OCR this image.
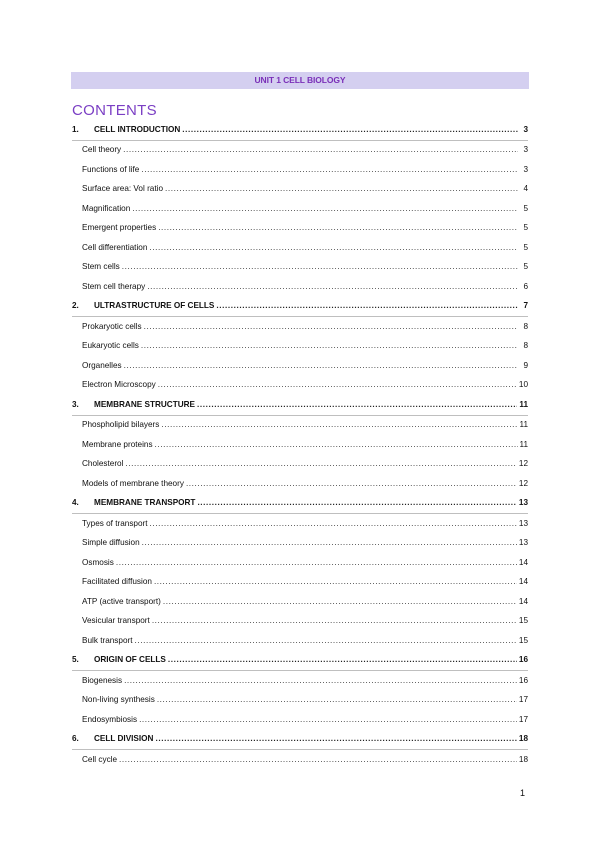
UNIT 1 CELL BIOLOGY
CONTENTS
1.	CELL INTRODUCTION .....	3
Cell theory .....	3
Functions of life .....	3
Surface area: Vol ratio .....	4
Magnification .....	5
Emergent properties .....	5
Cell differentiation .....	5
Stem cells .....	5
Stem cell therapy .....	6
2.	ULTRASTRUCTURE OF CELLS .....	7
Prokaryotic cells .....	8
Eukaryotic cells .....	8
Organelles .....	9
Electron Microscopy .....	10
3.	MEMBRANE STRUCTURE .....	11
Phospholipid bilayers .....	11
Membrane proteins .....	11
Cholesterol .....	12
Models of membrane theory .....	12
4.	MEMBRANE TRANSPORT .....	13
Types of transport .....	13
Simple diffusion .....	13
Osmosis .....	14
Facilitated diffusion .....	14
ATP (active transport) .....	14
Vesicular transport .....	15
Bulk transport .....	15
5.	ORIGIN OF CELLS .....	16
Biogenesis .....	16
Non-living synthesis .....	17
Endosymbiosis .....	17
6.	CELL DIVISION .....	18
Cell cycle .....	18
1
